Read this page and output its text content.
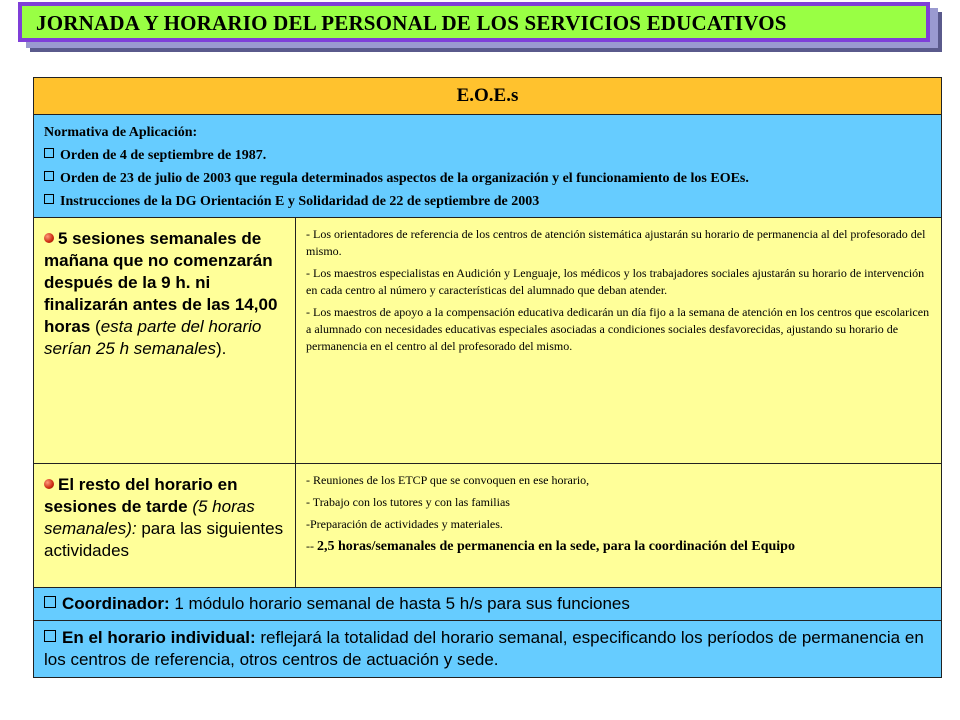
JORNADA Y HORARIO DEL PERSONAL DE LOS SERVICIOS EDUCATIVOS
E.O.E.s	

Normativa de Aplicación:

Orden de 4 de septiembre de 1987.

Orden de 23 de julio de 2003 que regula determinados aspectos de la organización y el funcionamiento de los EOEs.

Instrucciones de la DG Orientación E y Solidaridad de 22 de septiembre de 2003	

5 sesiones semanales de mañana que no comenzarán después de la 9 h. ni finalizarán antes de las 14,00 horas (esta parte del horario serían 25 h semanales).	- Los orientadores de referencia de los centros de atención sistemática ajustarán su horario de permanencia al del profesorado del mismo.

- Los maestros especialistas en Audición y Lenguaje, los médicos y los trabajadores sociales ajustarán su horario de intervención en cada centro al número y características del alumnado que deban atender.

- Los maestros de apoyo a la compensación educativa dedicarán un día fijo a la semana de atención en los centros que escolaricen a alumnado con necesidades educativas especiales asociadas a condiciones sociales desfavorecidas, ajustando su horario de permanencia en el centro al del profesorado del mismo.

El resto del horario en sesiones de tarde (5 horas semanales): para las siguientes actividades	- Reuniones de los ETCP que se convoquen en ese horario,

- Trabajo con los tutores y con las familias

-Preparación de actividades y materiales.

-- 2,5 horas/semanales de permanencia en la sede, para la coordinación del Equipo

Coordinador: 1 módulo horario semanal de hasta 5 h/s para sus funciones	
En el horario individual: reflejará la totalidad del horario semanal, especificando los períodos de permanencia en los centros de referencia, otros centros de actuación y sede.	
